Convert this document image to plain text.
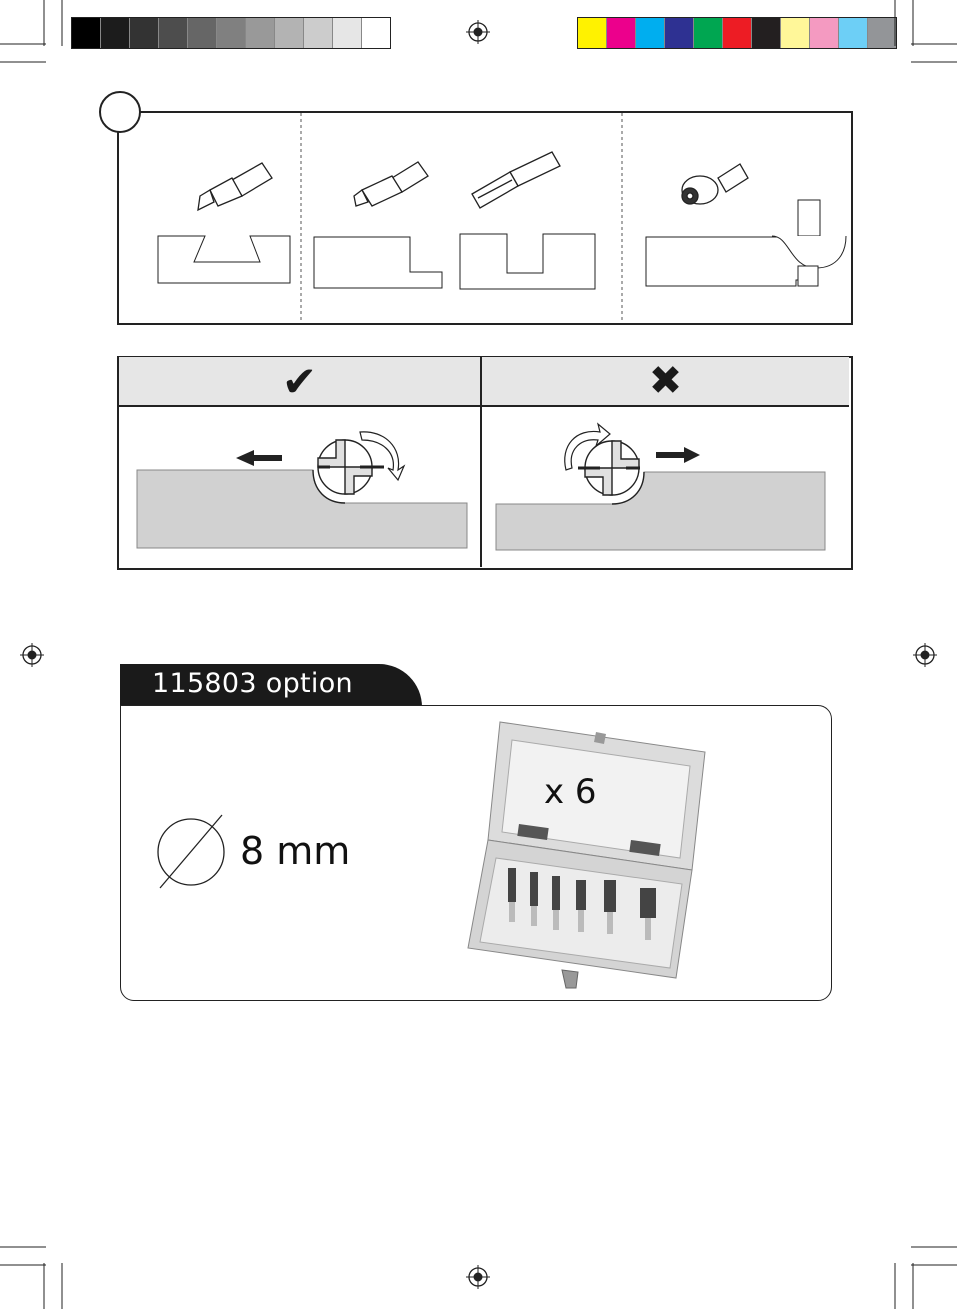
✔	✖
115803 option
8 mm
x 6
